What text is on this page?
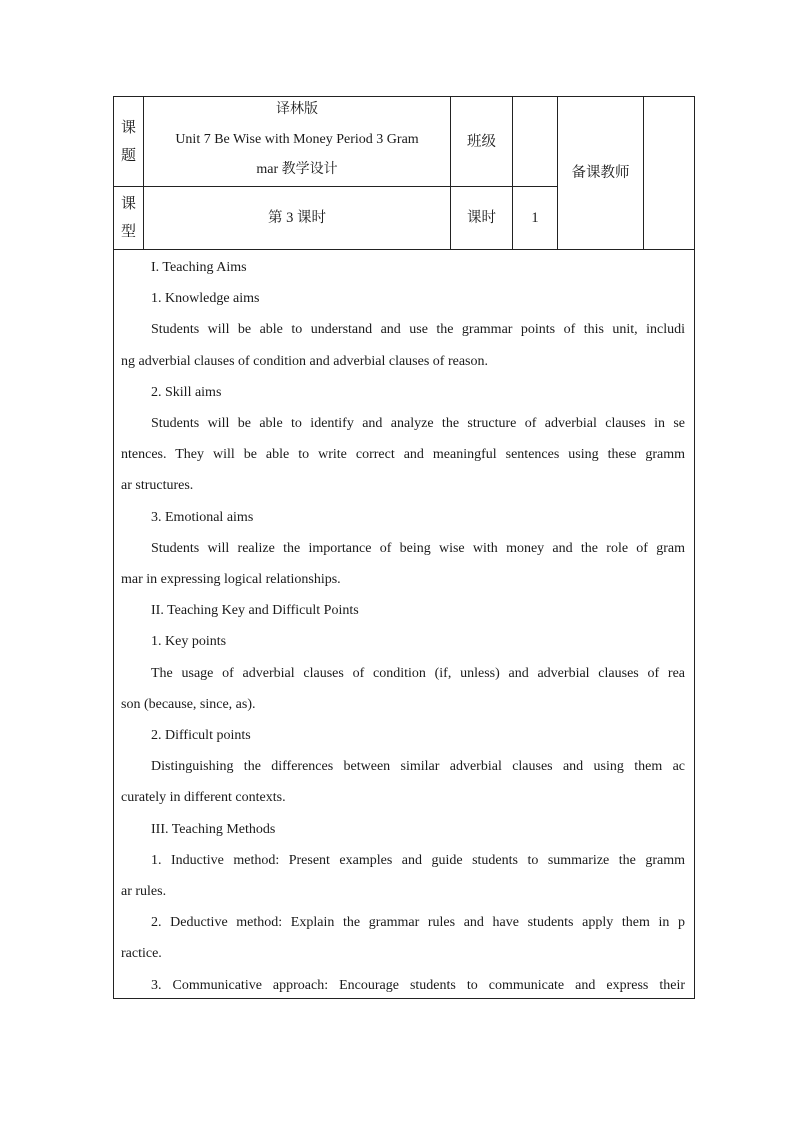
课
题
译林版
Unit 7 Be Wise with Money Period 3 Gram
mar 教学设计
班级
备课教师
课
型
第 3 课时	课时	1

I. Teaching Aims

1. Knowledge aims

Students will be able to understand and use the grammar points of this unit, includi

ng adverbial clauses of condition and adverbial clauses of reason.

2. Skill aims

Students will be able to identify and analyze the structure of adverbial clauses in se

ntences. They will be able to write correct and meaningful sentences using these gramm

ar structures.

3. Emotional aims

Students will realize the importance of being wise with money and the role of gram

mar in expressing logical relationships.

II. Teaching Key and Difficult Points

1. Key points

The usage of adverbial clauses of condition (if, unless) and adverbial clauses of rea

son (because, since, as).

2. Difficult points

Distinguishing the differences between similar adverbial clauses and using them ac

curately in different contexts.

III. Teaching Methods

1. Inductive method: Present examples and guide students to summarize the gramm

ar rules.

2. Deductive method: Explain the grammar rules and have students apply them in p

ractice.

3. Communicative approach: Encourage students to communicate and express their
